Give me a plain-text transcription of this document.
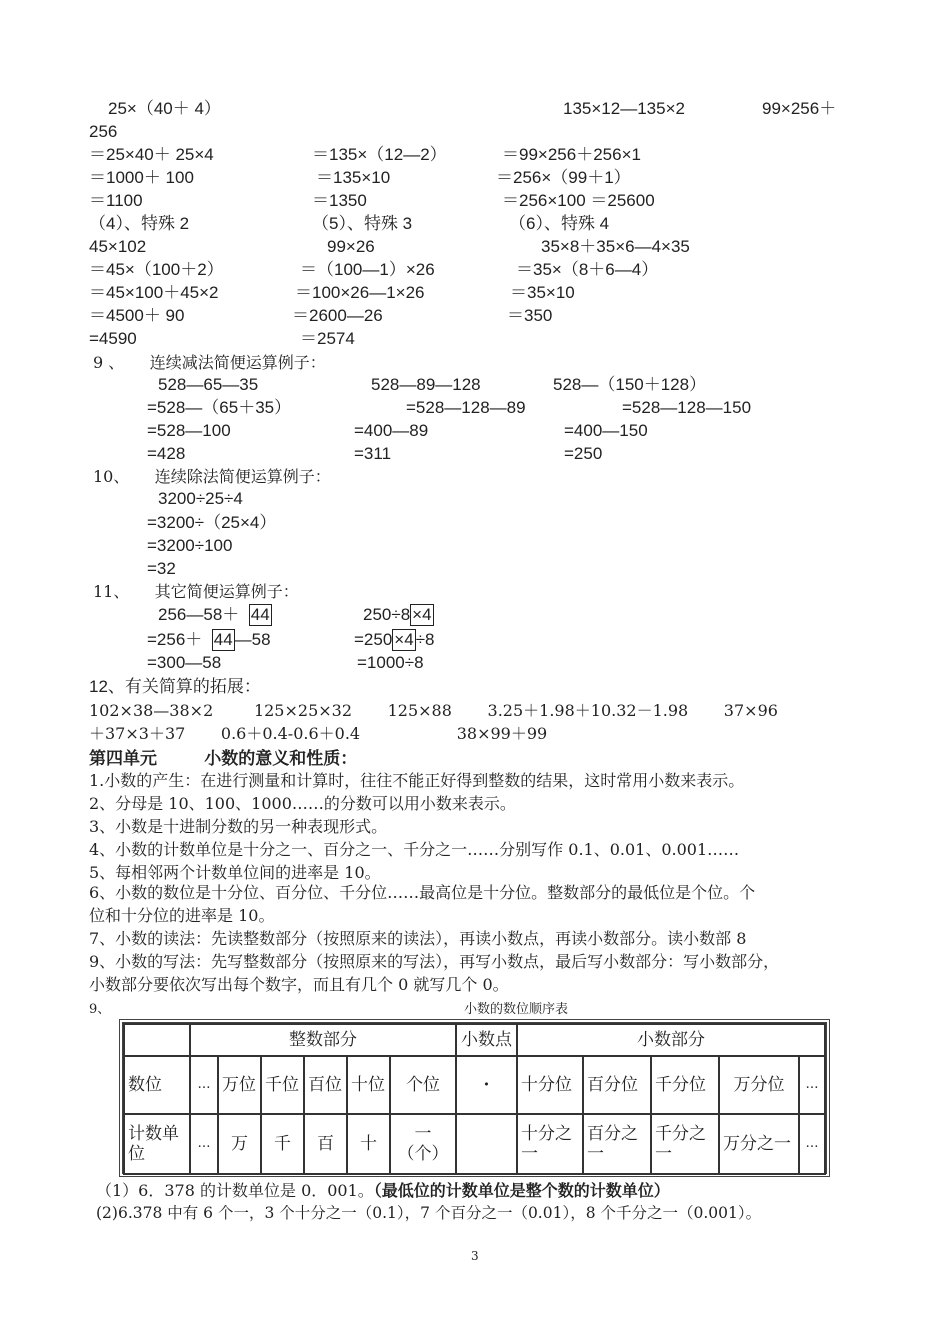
25×（40＋ 4）	135×12—135×2	99×256＋
256
＝25×40＋ 25×4	＝135×（12—2）	＝99×256＋256×1
＝1000＋ 100	＝135×10	＝256×（99＋1）
＝1100	＝1350	＝256×100 ＝25600
（4）、特殊 2	（5）、特殊 3	（6）、特殊 4
45×102	99×26	35×8＋35×6—4×35
＝45×（100＋2）	＝（100—1）×26	＝35×（8＋6—4）
＝45×100＋45×2	＝100×26—1×26	＝35×10
＝4500＋ 90	＝2600—26	＝350
=4590	＝2574
9 、     连续减法简便运算例子：
528—65—35	528—89—128	528—（150＋128）
=528—（65＋35）	=528—128—89	=528—128—150
=528—100	=400—89	=400—150
=428	=311	=250
10、     连续除法简便运算例子：
3200÷25÷4
=3200÷（25×4）
=3200÷100
=32
11、     其它简便运算例子：
256—58＋  44	250÷8 ×4
=256＋  44 —58	=250 ×4 ÷8
=300—58	=1000÷8
12、有关简算的拓展：
102×38—38×2        125×25×32       125×88       3.25＋1.98＋10.32－1.98       37×96
＋37×3＋37       0.6＋0.4-0.6＋0.4                   38×99＋99
第四单元          小数的意义和性质：
1.小数的产生：在进行测量和计算时，往往不能正好得到整数的结果，这时常用小数来表示。
2、分母是 10、100、1000……的分数可以用小数来表示。
3、小数是十进制分数的另一种表现形式。
4、小数的计数单位是十分之一、百分之一、千分之一……分别写作 0.1、0.01、0.001……
5、每相邻两个计数单位间的进率是 10。
6、小数的数位是十分位、百分位、千分位……最高位是十分位。整数部分的最低位是个位。个
位和十分位的进率是 10。
7、小数的读法：先读整数部分（按照原来的读法），再读小数点，再读小数部分。读小数部 8
9、小数的写法：先写整数部分（按照原来的写法），再写小数点，最后写小数部分：写小数部分，
小数部分要依次写出每个数字，而且有几个 0 就写几个 0。
9、	小数的数位顺序表
	整数部分						小数点	小数部分				
数位	…	万位	千位	百位	十位	个位	·	十分位	百分位	千分位	万分位	…
计数单位	…	万	千	百	十	一（个）		十分之一	百分之一	千分之一	万分之一	…
（1）6．378 的计数单位是 0．001。（最低位的计数单位是整个数的计数单位）
(2)6.378 中有 6 个一，3 个十分之一（0.1），7 个百分之一（0.01），8 个千分之一（0.001）。
3
